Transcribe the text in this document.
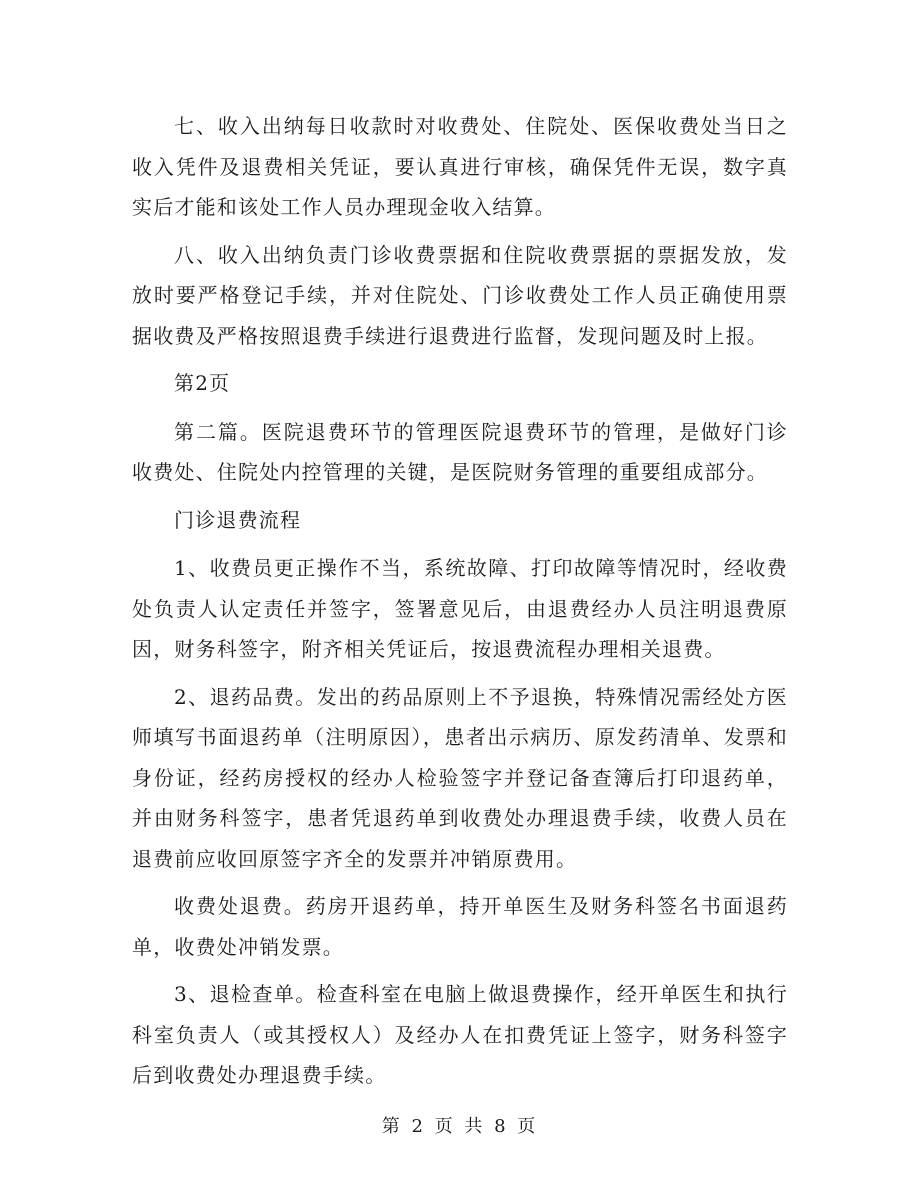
七、收入出纳每日收款时对收费处、住院处、医保收费处当日之收入凭件及退费相关凭证，要认真进行审核，确保凭件无误，数字真实后才能和该处工作人员办理现金收入结算。

八、收入出纳负责门诊收费票据和住院收费票据的票据发放，发放时要严格登记手续，并对住院处、门诊收费处工作人员正确使用票据收费及严格按照退费手续进行退费进行监督，发现问题及时上报。

第2页

第二篇。医院退费环节的管理医院退费环节的管理，是做好门诊收费处、住院处内控管理的关键，是医院财务管理的重要组成部分。

门诊退费流程

1、收费员更正操作不当，系统故障、打印故障等情况时，经收费处负责人认定责任并签字，签署意见后，由退费经办人员注明退费原因，财务科签字，附齐相关凭证后，按退费流程办理相关退费。

2、退药品费。发出的药品原则上不予退换，特殊情况需经处方医师填写书面退药单（注明原因），患者出示病历、原发药清单、发票和身份证，经药房授权的经办人检验签字并登记备查簿后打印退药单，并由财务科签字，患者凭退药单到收费处办理退费手续，收费人员在退费前应收回原签字齐全的发票并冲销原费用。

收费处退费。药房开退药单，持开单医生及财务科签名书面退药单，收费处冲销发票。

3、退检查单。检查科室在电脑上做退费操作，经开单医生和执行科室负责人（或其授权人）及经办人在扣费凭证上签字，财务科签字后到收费处办理退费手续。

第 2 页 共 8 页
